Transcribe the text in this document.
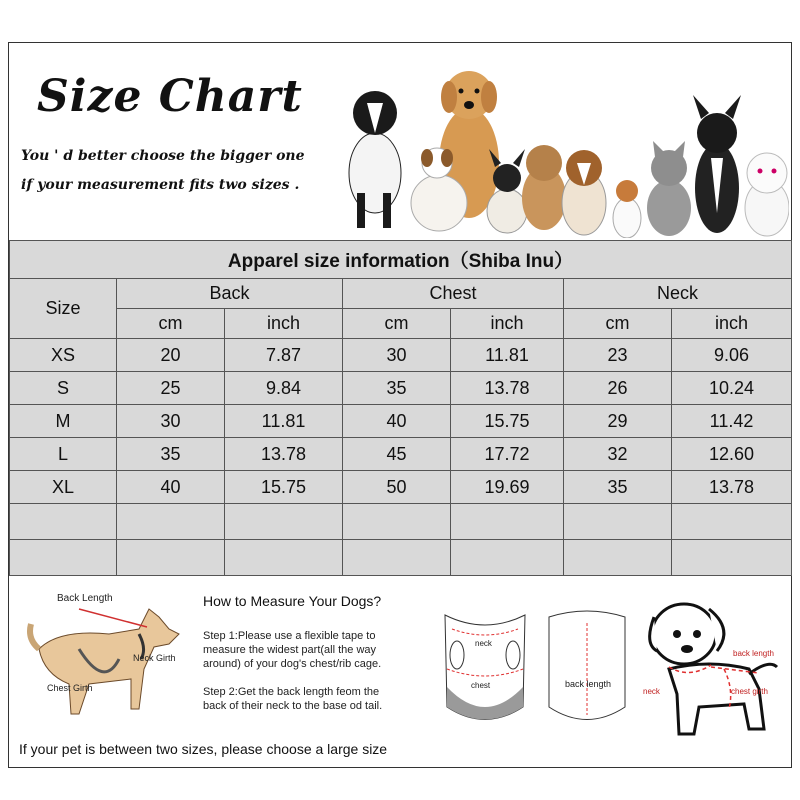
Size Chart
You ' d better choose the bigger one
if your measurement fits two sizes .
Apparel size information（Shiba Inu）						
Size	Back		Chest		Neck	
	cm	inch	cm	inch	cm	inch
XS	20	7.87	30	11.81	23	9.06
S	25	9.84	35	13.78	26	10.24
M	30	11.81	40	15.75	29	11.42
L	35	13.78	45	17.72	32	12.60
XL	40	15.75	50	19.69	35	13.78

Back Length
Neck Girth
Chest Girth
How to Measure Your Dogs?
Step 1:Please use a flexible tape to measure the widest part(all the way around) of your dog's chest/rib cage.
Step 2:Get the back length feom the back of their neck to the base od tail.
neck
chest	back length
back length
neck	chest girth
If your pet is between two sizes, please choose a large size
